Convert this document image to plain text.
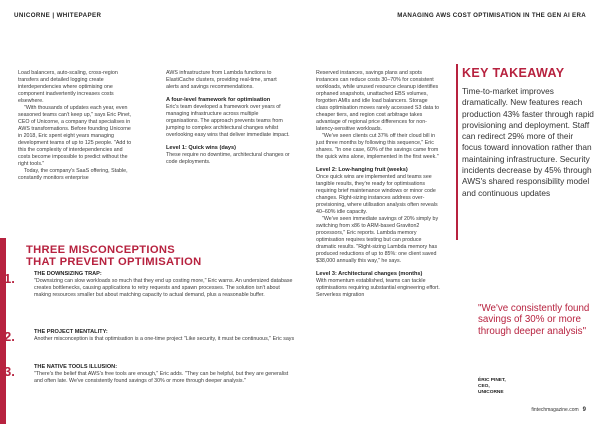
UNICORNE | WHITEPAPER	MANAGING AWS COST OPTIMISATION IN THE GEN AI ERA

Load balancers, auto-scaling, cross-region transfers and detailed logging create interdependencies where optimising one component inadvertently increases costs elsewhere.

"With thousands of updates each year, even seasoned teams can't keep up," says Eric Pinet, CEO of Unicorne, a company that specialises in AWS transformations. Before founding Unicorne in 2018, Eric spent eight years managing development teams of up to 125 people. "Add to this the complexity of interdependencies and costs become impossible to predict without the right tools."

Today, the company's SaaS offering, Stable, constantly monitors enterprise

AWS infrastructure from Lambda functions to ElastiCache clusters, providing real-time, smart alerts and savings recommendations.

A four-level framework for optimisation

Eric's team developed a framework over years of managing infrastructure across multiple organisations. The approach prevents teams from jumping to complex architectural changes whilst overlooking easy wins that deliver immediate impact.

Level 1: Quick wins (days)

These require no downtime, architectural changes or code deployments.

Reserved instances, savings plans and spots instances can reduce costs 30–70% for consistent workloads, while unused resource cleanup identifies orphaned snapshots, unattached EBS volumes, forgotten AMIs and idle load balancers. Storage class optimisation moves rarely accessed S3 data to cheaper tiers, and region cost arbitrage takes advantage of regional price differences for non-latency-sensitive workloads.

"We've seen clients cut 37% off their cloud bill in just three months by following this sequence," Eric shares. "In one case, 60% of the savings came from the quick wins alone, implemented in the first week."

Level 2: Low-hanging fruit (weeks)

Once quick wins are implemented and teams see tangible results, they're ready for optimisations requiring brief maintenance windows or minor code changes. Right-sizing instances address over-provisioning, where utilisation analysis often reveals 40–60% idle capacity.

"We've seen immediate savings of 20% simply by switching from x86 to ARM-based Graviton2 processors," Eric reports. Lambda memory optimisation requires testing but can produce dramatic results. "Right-sizing Lambda memory has produced reductions of up to 85%: one client saved $38,000 annually this way," he says.

Level 3: Architectural changes (months)

With momentum established, teams can tackle optimisations requiring substantial engineering effort. Serverless migration

KEY TAKEAWAY
Time-to-market improves dramatically. New features reach production 43% faster through rapid provisioning and deployment. Staff can redirect 29% more of their focus toward innovation rather than maintaining infrastructure. Security incidents decrease by 45% through AWS's shared responsibility model and continuous updates
"We've consistently found savings of 30% or more through deeper analysis"
ÉRIC PINET,
CEO,
UNICORNE
THREE MISCONCEPTIONS
THAT PREVENT OPTIMISATION
1.	THE DOWNSIZING TRAP:
"Downsizing can slow workloads so much that they end up costing more," Eric warns. An undersized database creates bottlenecks, causing applications to retry requests and spawn processes. The solution isn't about making resources smaller but about matching capacity to actual demand, plus a reasonable buffer.
2.	THE PROJECT MENTALITY:
Another misconception is that optimisation is a one-time project "Like security, it must be continuous," Eric says
3.	THE NATIVE TOOLS ILLUSION:
"There's the belief that AWS's free tools are enough," Eric adds. "They can be helpful, but they are generalist and often late. We've consistently found savings of 30% or more through deeper analysis."
fintechmagazine.com 9
